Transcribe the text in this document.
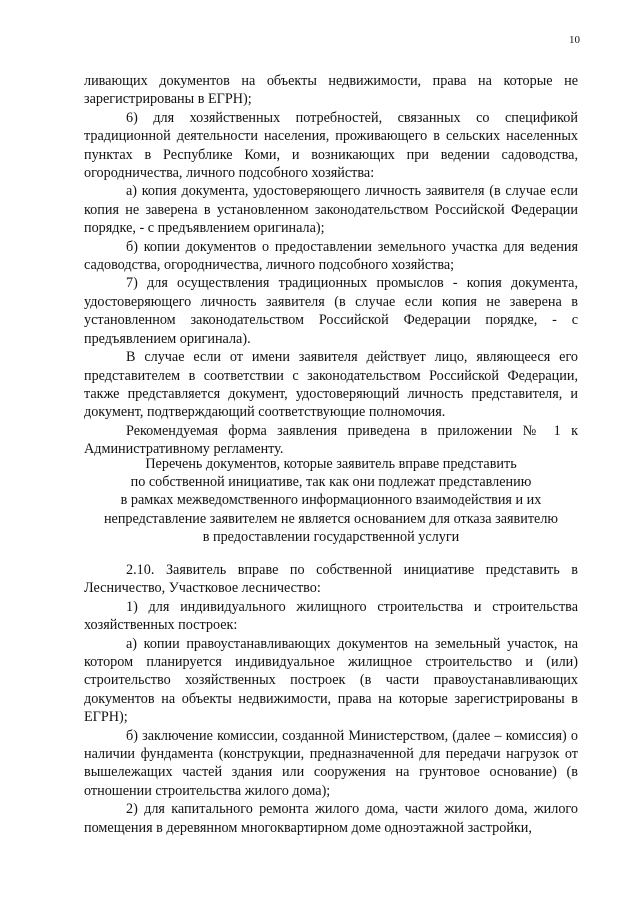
10

ливающих документов на объекты недвижимости, права на которые не зарегистрированы в ЕГРН);

6) для хозяйственных потребностей, связанных со спецификой традиционной деятельности населения, проживающего в сельских населенных пунктах в Республике Коми, и возникающих при ведении садоводства, огородничества, личного подсобного хозяйства:

а) копия документа, удостоверяющего личность заявителя (в случае если копия не заверена в установленном законодательством Российской Федерации порядке, - с предъявлением оригинала);

б) копии документов о предоставлении земельного участка для ведения садоводства, огородничества, личного подсобного хозяйства;

7) для осуществления традиционных промыслов - копия документа, удостоверяющего личность заявителя (в случае если копия не заверена в установленном законодательством Российской Федерации порядке, - с предъявлением оригинала).

В случае если от имени заявителя действует лицо, являющееся его представителем в соответствии с законодательством Российской Федерации, также представляется документ, удостоверяющий личность представителя, и документ, подтверждающий соответствующие полномочия.

Рекомендуемая форма заявления приведена в приложении № 1 к Административному регламенту.

Перечень документов, которые заявитель вправе представить
по собственной инициативе, так как они подлежат представлению
в рамках межведомственного информационного взаимодействия и их
непредставление заявителем не является основанием для отказа заявителю
в предоставлении государственной услуги

2.10. Заявитель вправе по собственной инициативе представить в Лесничество, Участковое лесничество:

1) для индивидуального жилищного строительства и строительства хозяйственных построек:

а) копии правоустанавливающих документов на земельный участок, на котором планируется индивидуальное жилищное строительство и (или) строительство хозяйственных построек (в части правоустанавливающих документов на объекты недвижимости, права на которые зарегистрированы в ЕГРН);

б) заключение комиссии, созданной Министерством, (далее – комиссия) о наличии фундамента (конструкции, предназначенной для передачи нагрузок от вышележащих частей здания или сооружения на грунтовое основание) (в отношении строительства жилого дома);

2) для капитального ремонта жилого дома, части жилого дома, жилого помещения в деревянном многоквартирном доме одноэтажной застройки,
